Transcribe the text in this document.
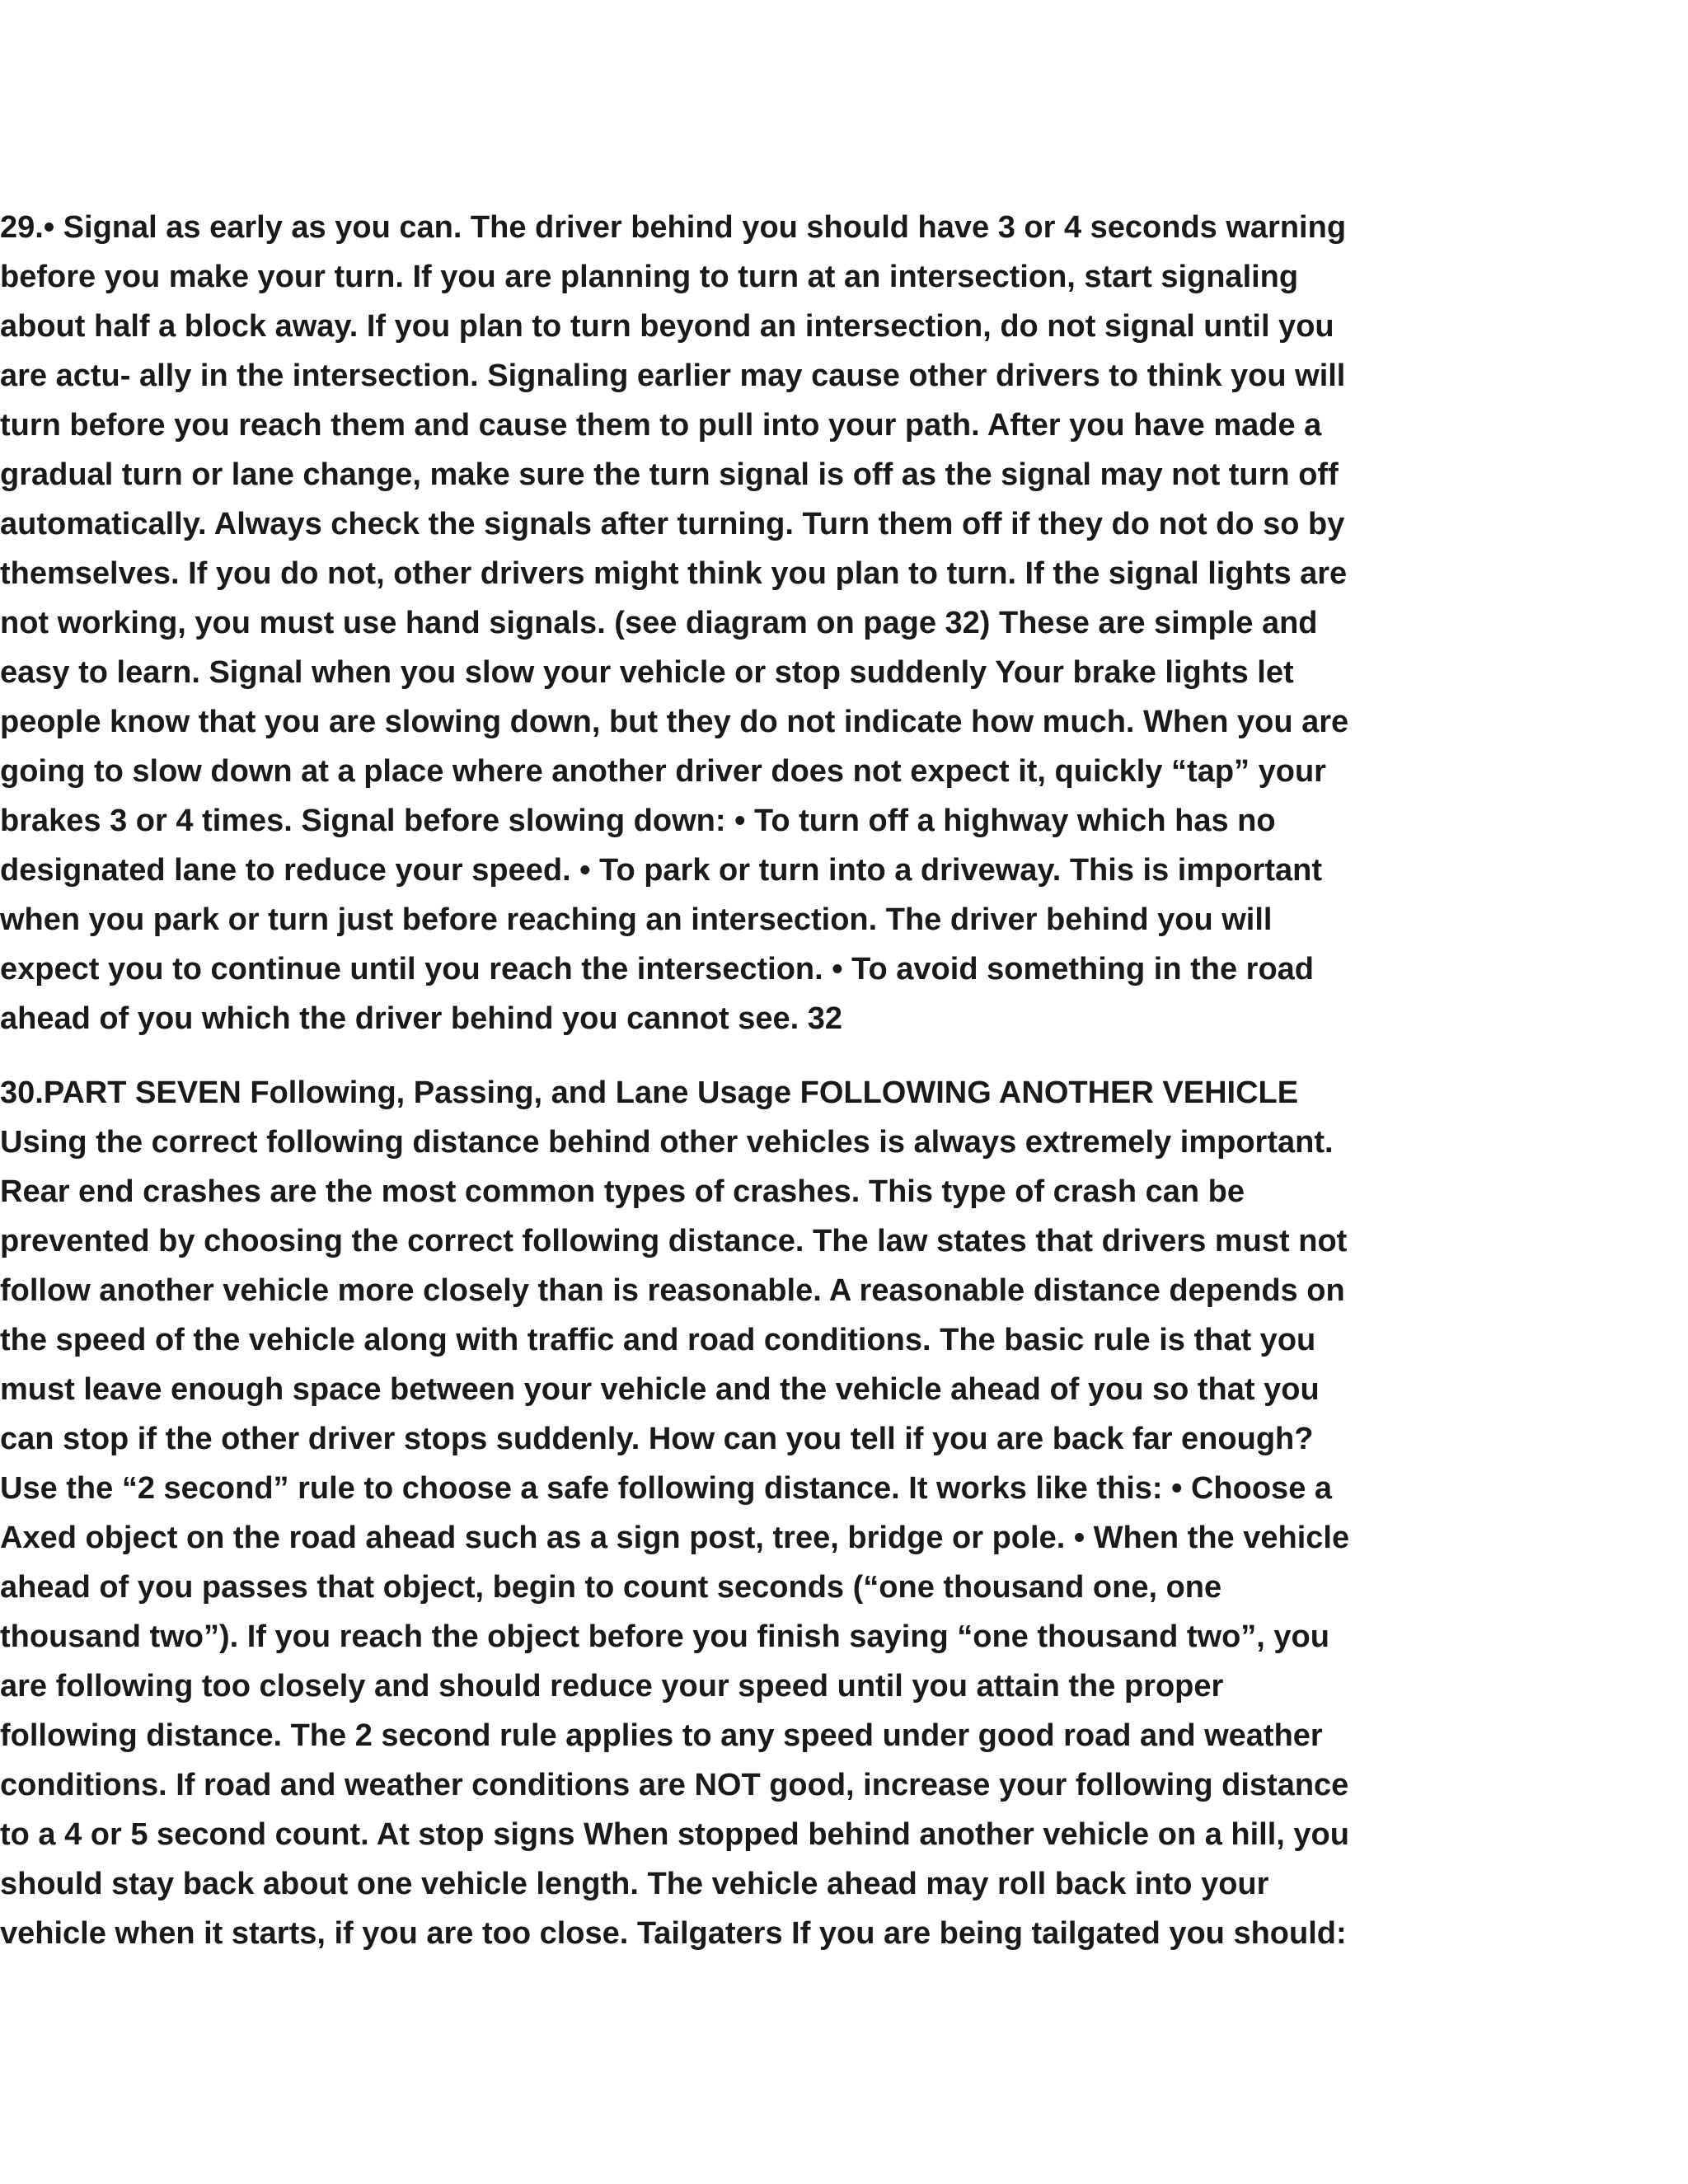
29.• Signal as early as you can. The driver behind you should have 3 or 4 seconds warning
before you make your turn. If you are planning to turn at an intersection, start signaling
about half a block away. If you plan to turn beyond an intersection, do not signal until you
are actu- ally in the intersection. Signaling earlier may cause other drivers to think you will
turn before you reach them and cause them to pull into your path. After you have made a
gradual turn or lane change, make sure the turn signal is off as the signal may not turn off
automatically. Always check the signals after turning. Turn them off if they do not do so by
themselves. If you do not, other drivers might think you plan to turn. If the signal lights are
not working, you must use hand signals. (see diagram on page 32) These are simple and
easy to learn. Signal when you slow your vehicle or stop suddenly Your brake lights let
people know that you are slowing down, but they do not indicate how much. When you are
going to slow down at a place where another driver does not expect it, quickly “tap” your
brakes 3 or 4 times. Signal before slowing down: • To turn off a highway which has no
designated lane to reduce your speed. • To park or turn into a driveway. This is important
when you park or turn just before reaching an intersection. The driver behind you will
expect you to continue until you reach the intersection. • To avoid something in the road
ahead of you which the driver behind you cannot see. 32
30.PART SEVEN Following, Passing, and Lane Usage FOLLOWING ANOTHER VEHICLE
Using the correct following distance behind other vehicles is always extremely important.
Rear end crashes are the most common types of crashes. This type of crash can be
prevented by choosing the correct following distance. The law states that drivers must not
follow another vehicle more closely than is reasonable. A reasonable distance depends on
the speed of the vehicle along with traffic and road conditions. The basic rule is that you
must leave enough space between your vehicle and the vehicle ahead of you so that you
can stop if the other driver stops suddenly. How can you tell if you are back far enough?
Use the “2 second” rule to choose a safe following distance. It works like this: • Choose a
Axed object on the road ahead such as a sign post, tree, bridge or pole. • When the vehicle
ahead of you passes that object, begin to count seconds (“one thousand one, one
thousand two”). If you reach the object before you finish saying “one thousand two”, you
are following too closely and should reduce your speed until you attain the proper
following distance. The 2 second rule applies to any speed under good road and weather
conditions. If road and weather conditions are NOT good, increase your following distance
to a 4 or 5 second count. At stop signs When stopped behind another vehicle on a hill, you
should stay back about one vehicle length. The vehicle ahead may roll back into your
vehicle when it starts, if you are too close. Tailgaters If you are being tailgated you should:
